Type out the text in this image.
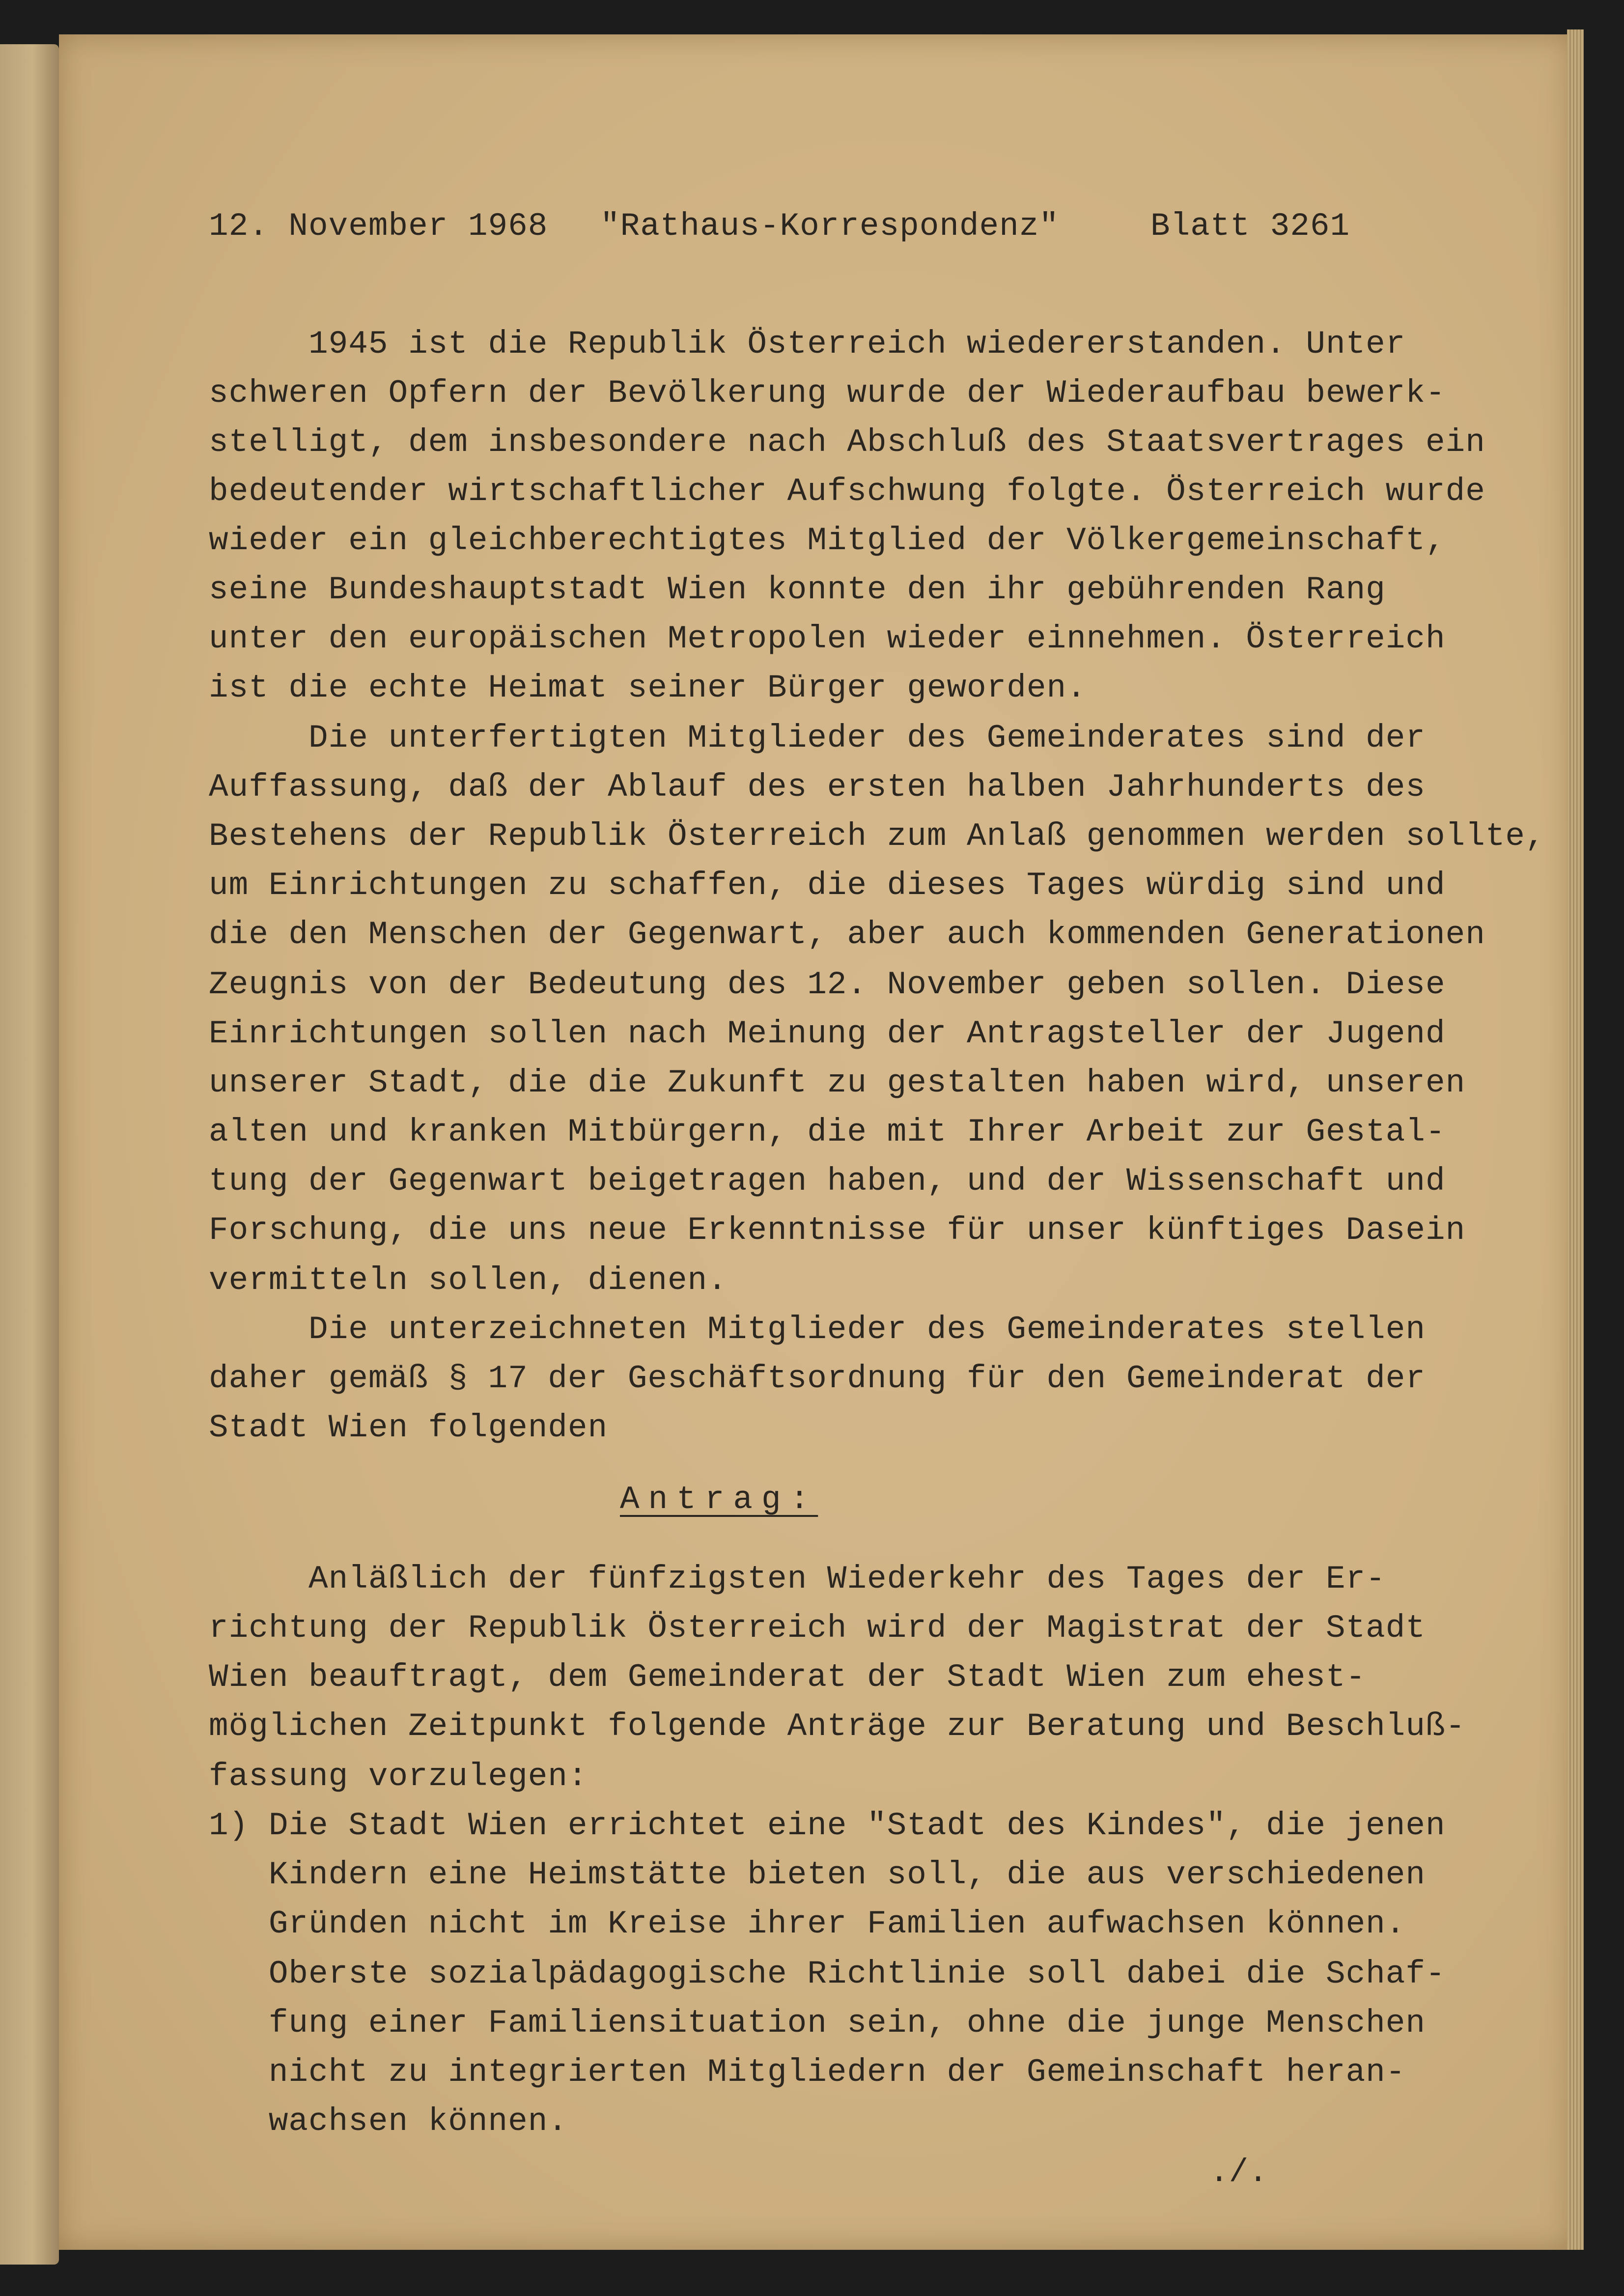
12. November 1968 "Rathaus-Korrespondenz"	Blatt 3261

1945 ist die Republik Österreich wiedererstanden. Unter

schweren Opfern der Bevölkerung wurde der Wiederaufbau bewerk-

stelligt, dem insbesondere nach Abschluß des Staatsvertrages ein

bedeutender wirtschaftlicher Aufschwung folgte. Österreich wurde

wieder ein gleichberechtigtes Mitglied der Völkergemeinschaft,

seine Bundeshauptstadt Wien konnte den ihr gebührenden Rang

unter den europäischen Metropolen wieder einnehmen. Österreich

ist die echte Heimat seiner Bürger geworden.

Die unterfertigten Mitglieder des Gemeinderates sind der

Auffassung, daß der Ablauf des ersten halben Jahrhunderts des

Bestehens der Republik Österreich zum Anlaß genommen werden sollte,

um Einrichtungen zu schaffen, die dieses Tages würdig sind und

die den Menschen der Gegenwart, aber auch kommenden Generationen

Zeugnis von der Bedeutung des 12. November geben sollen. Diese

Einrichtungen sollen nach Meinung der Antragsteller der Jugend

unserer Stadt, die die Zukunft zu gestalten haben wird, unseren

alten und kranken Mitbürgern, die mit Ihrer Arbeit zur Gestal-

tung der Gegenwart beigetragen haben, und der Wissenschaft und

Forschung, die uns neue Erkenntnisse für unser künftiges Dasein

vermitteln sollen, dienen.

Die unterzeichneten Mitglieder des Gemeinderates stellen

daher gemäß § 17 der Geschäftsordnung für den Gemeinderat der

Stadt Wien folgenden

Antrag:

Anläßlich der fünfzigsten Wiederkehr des Tages der Er-

richtung der Republik Österreich wird der Magistrat der Stadt

Wien beauftragt, dem Gemeinderat der Stadt Wien zum ehest-

möglichen Zeitpunkt folgende Anträge zur Beratung und Beschluß-

fassung vorzulegen:

1) Die Stadt Wien errichtet eine "Stadt des Kindes", die jenen

Kindern eine Heimstätte bieten soll, die aus verschiedenen

Gründen nicht im Kreise ihrer Familien aufwachsen können.

Oberste sozialpädagogische Richtlinie soll dabei die Schaf-

fung einer Familiensituation sein, ohne die junge Menschen

nicht zu integrierten Mitgliedern der Gemeinschaft heran-

wachsen können.

./.
